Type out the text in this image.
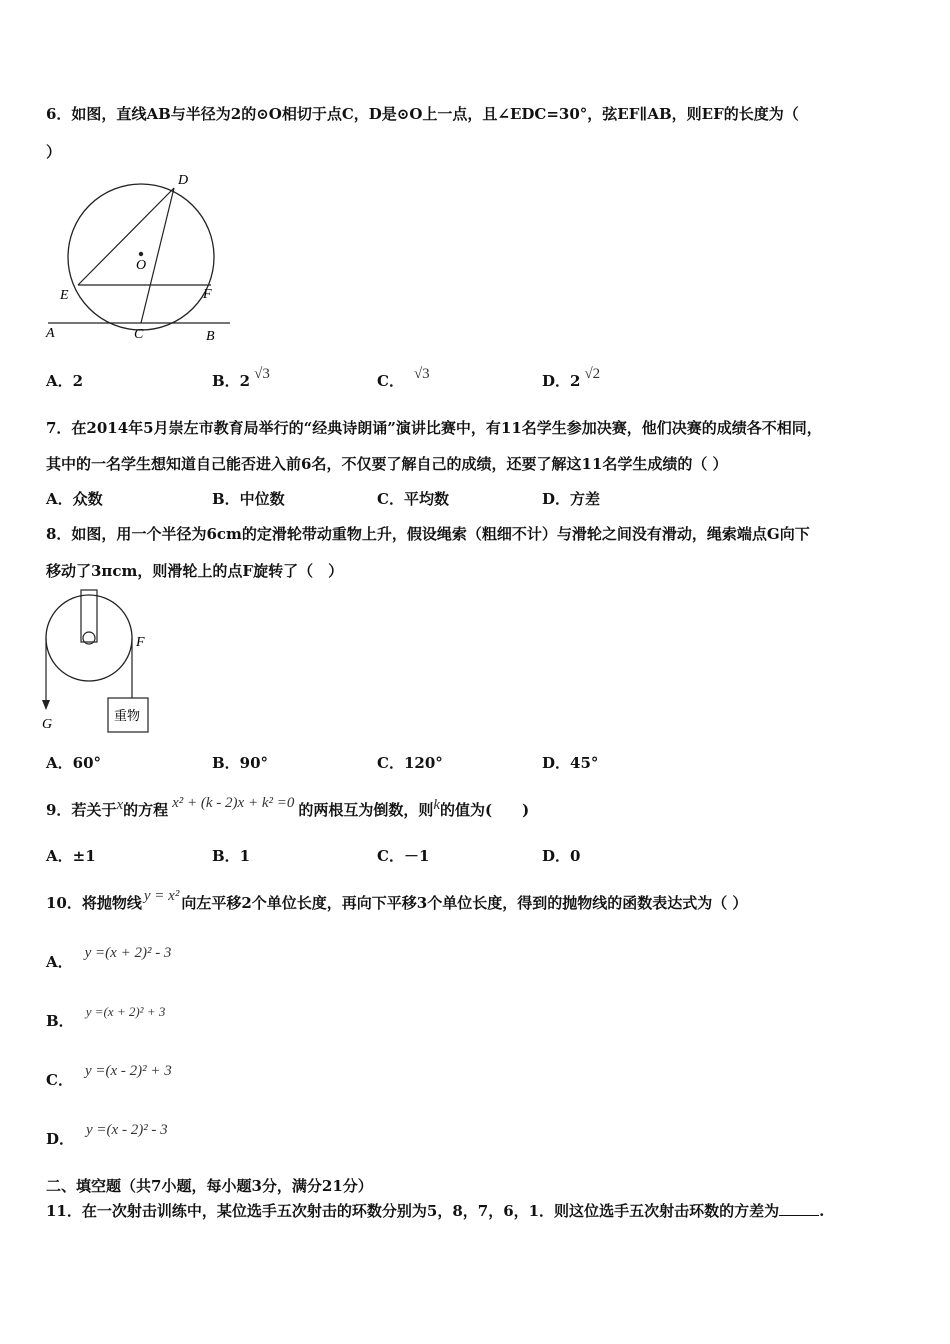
6．如图，直线AB与半径为2的⊙O相切于点C，D是⊙O上一点，且∠EDC=30°，弦EF∥AB，则EF的长度为（
）
D
O
E	F
A	C	B
A．2	B．2 √3	C． √3	D．2 √2
7．在2014年5月崇左市教育局举行的“经典诗朗诵”演讲比赛中，有11名学生参加决赛，他们决赛的成绩各不相同，
其中的一名学生想知道自己能否进入前6名，不仅要了解自己的成绩，还要了解这11名学生成绩的（ ）
A．众数	B．中位数	C．平均数	D．方差
8．如图，用一个半径为6cm的定滑轮带动重物上升，假设绳索（粗细不计）与滑轮之间没有滑动，绳索端点G向下
移动了3πcm，则滑轮上的点F旋转了（　）
F
G
重物
A．60°	B．90°	C．120°	D．45°
9．若关于x的方程 x² + (k - 2)x + k² =0 的两根互为倒数，则k的值为(　　)
A．±1	B．1	C．－1	D．0
10．将抛物线 y = x² 向左平移2个单位长度，再向下平移3个单位长度，得到的抛物线的函数表达式为（ ）
A． y =(x + 2)² - 3
B．y =(x + 2)² + 3
C． y =(x - 2)² + 3
D． y =(x - 2)² - 3
二、填空题（共7小题，每小题3分，满分21分）
11．在一次射击训练中，某位选手五次射击的环数分别为5，8，7，6，1．则这位选手五次射击环数的方差为	.
